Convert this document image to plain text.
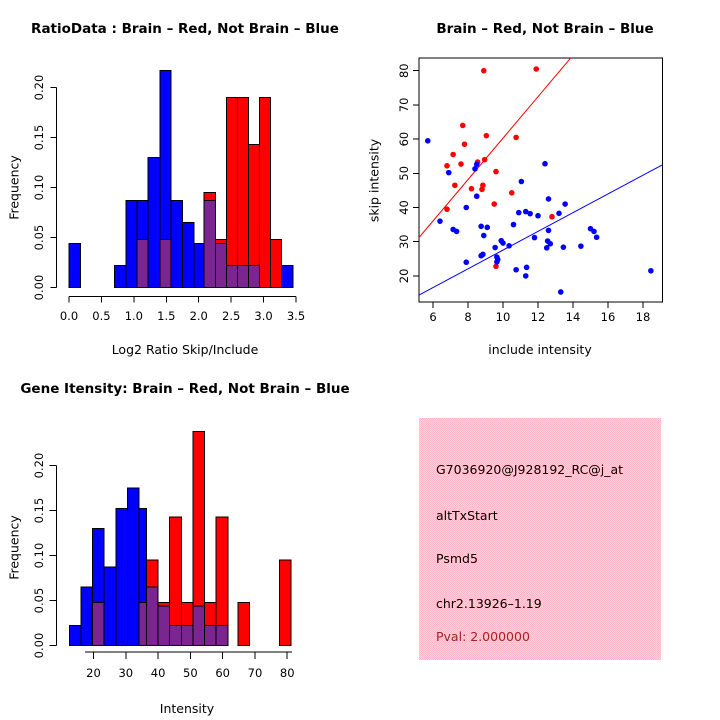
0.0 0.5 1.0 1.5 2.0 2.5 3.0 3.5
0.00
0.05
0.10
0.15
0.20
6 8 10 12 14 16 18
20
30
40
50
60
70
80
20 30 40 50 60 70 80
0.00
0.05
0.10
0.15
0.20
RatioData : Brain – Red, Not Brain – Blue	Brain – Red, Not Brain – Blue
Gene Itensity: Brain – Red, Not Brain – Blue
Log2 Ratio Skip/Include
Frequency
include intensity
skip intensity
Intensity
Frequency
G7036920@J928192_RC@j_at
altTxStart
Psmd5
chr2.13926–1.19
Pval: 2.000000
